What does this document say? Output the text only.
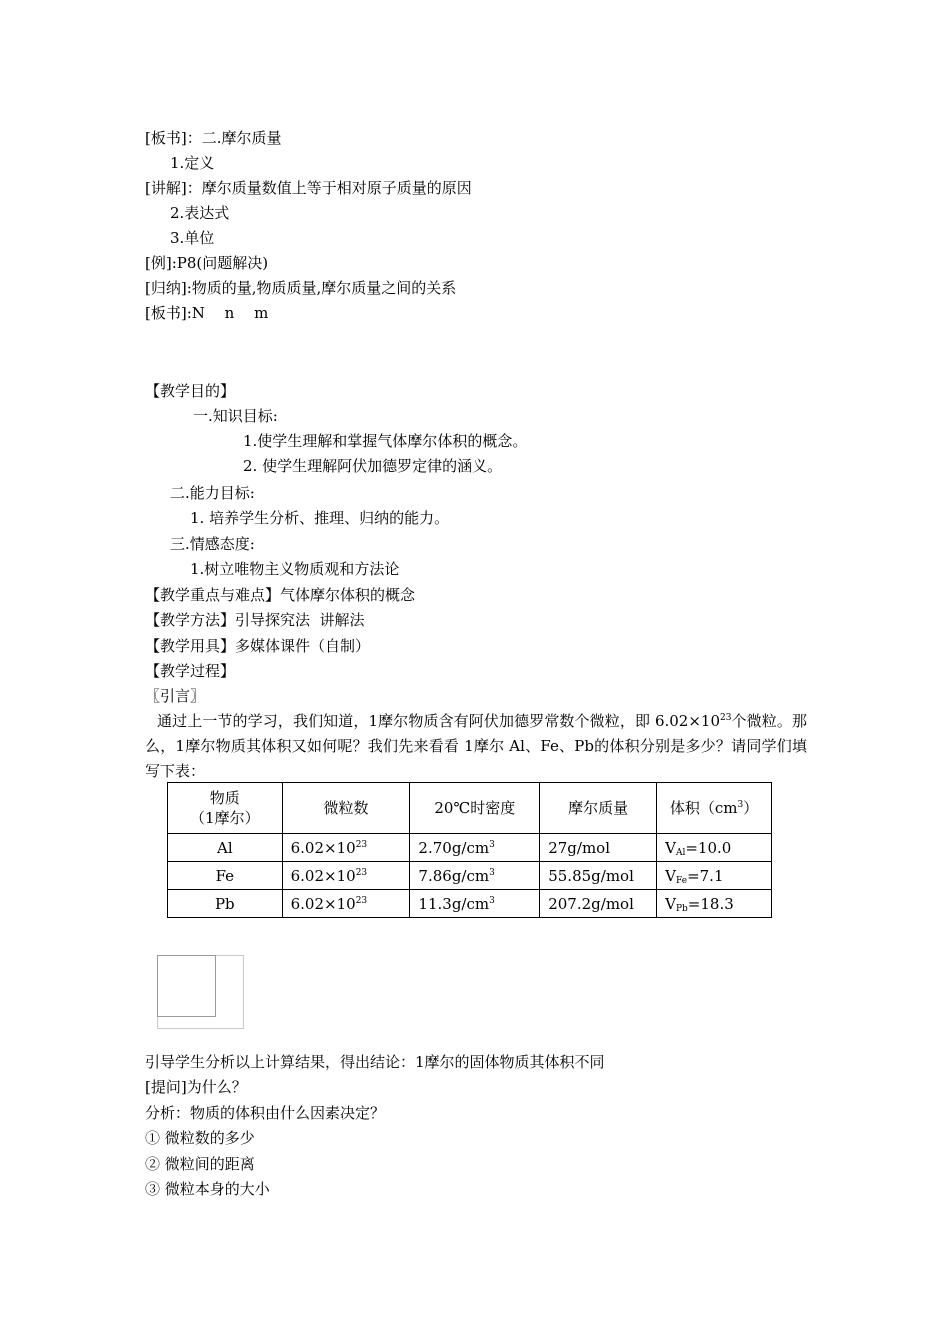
[板书]：二.摩尔质量
1.定义
[讲解]：摩尔质量数值上等于相对原子质量的原因
2.表达式
3.单位
[例]:P8(问题解决)
[归纳]:物质的量,物质质量,摩尔质量之间的关系
[板书]:N　 n　 m
【教学目的】
一.知识目标:
1.使学生理解和掌握气体摩尔体积的概念。
2. 使学生理解阿伏加德罗定律的涵义。
二.能力目标:
1. 培养学生分析、推理、归纳的能力。
三.情感态度:
1.树立唯物主义物质观和方法论
【教学重点与难点】气体摩尔体积的概念
【教学方法】引导探究法  讲解法
【教学用具】多媒体课件（自制）
【教学过程】
〖引言〗
通过上一节的学习，我们知道，1摩尔物质含有阿伏加德罗常数个微粒，即 $6.02\times 10^{23}$个微粒。那么，1摩尔物质其体积又如何呢？我们先来看看 1摩尔 Al、Fe、Pb的体积分别是多少？请同学们填写下表：
物质
（1摩尔）	微粒数	20℃时密度	摩尔质量	体积$(cm^3)$
Al	$6.02\times 10^{23}$	$2.70g/cm^3$	27g/mol	$V_{Al}=10.0$
Fe	$6.02\times 10^{23}$	$7.86g/cm^3$	55.85g/mol	$V_{Fe}=7.1$
Pb	$6.02\times 10^{23}$	$11.3g/cm^3$	207.2g/mol	$V_{Pb}=18.3$
引导学生分析以上计算结果，得出结论：1摩尔的固体物质其体积不同
[提问]为什么？
分析：物质的体积由什么因素决定？
① 微粒数的多少
② 微粒间的距离
③ 微粒本身的大小
